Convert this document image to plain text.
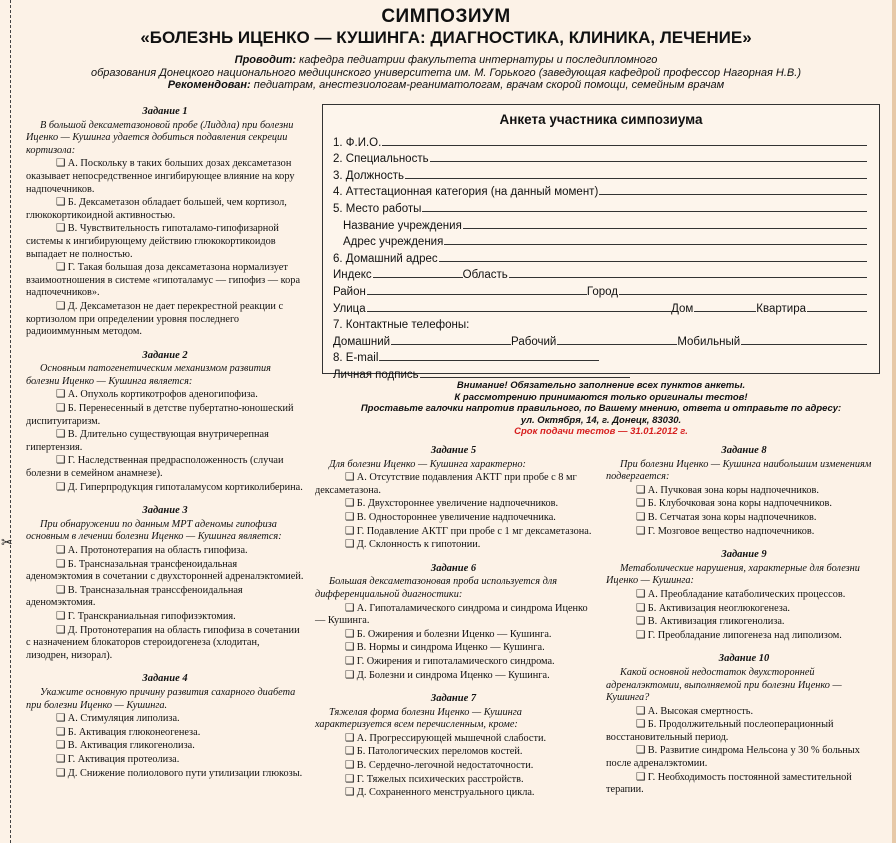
✂
СИМПОЗИУМ
«БОЛЕЗНЬ ИЦЕНКО — КУШИНГА: ДИАГНОСТИКА, КЛИНИКА, ЛЕЧЕНИЕ»
Проводит: кафедра педиатрии факультета интернатуры и последипломного
образования Донецкого национального медицинского университета им. М. Горького (заведующая кафедрой профессор Нагорная Н.В.)
Рекомендован: педиатрам, анестезиологам-реаниматологам, врачам скорой помощи, семейным врачам
Задание 1
В большой дексаметазоновой пробе (Лиддла) при болезни Иценко — Кушинга удается добиться подавления секреции кортизола:
❑ А. Поскольку в таких больших дозах дексаметазон оказывает непосредственное ингибирующее влияние на кору надпочечников.
❑ Б. Дексаметазон обладает большей, чем кортизол, глюкокортикоидной активностью.
❑ В. Чувствительность гипоталамо-гипофизарной системы к ингибирующему действию глюкокортикоидов выпадает не полностью.
❑ Г. Такая большая доза дексаметазона нормализует взаимоотношения в системе «гипоталамус — гипофиз — кора надпочечников».
❑ Д. Дексаметазон не дает перекрестной реакции с кортизолом при определении уровня последнего радиоиммунным методом.
Задание 2
Основным патогенетическим механизмом развития болезни Иценко — Кушинга является:
❑ А. Опухоль кортикотрофов аденогипофиза.
❑ Б. Перенесенный в детстве пубертатно-юношеский диспитуитаризм.
❑ В. Длительно существующая внутричерепная гипертензия.
❑ Г. Наследственная предрасположенность (случаи болезни в семейном анамнезе).
❑ Д. Гиперпродукция гипоталамусом кортиколиберина.
Задание 3
При обнаружении по данным МРТ аденомы гипофиза основным в лечении болезни Иценко — Кушинга является:
❑ А. Протонотерапия на область гипофиза.
❑ Б. Трансназальная трансфеноидальная аденомэктомия в сочетании с двухсторонней адреналэктомией.
❑ В. Трансназальная транссфеноидальная аденомэктомия.
❑ Г. Транскраниальная гипофизэктомия.
❑ Д. Протонотерапия на область гипофиза в сочетании с назначением блокаторов стероидогенеза (хлодитан, лизодрен, низорал).
Задание 4
Укажите основную причину развития сахарного диабета при болезни Иценко — Кушинга.
❑ А. Стимуляция липолиза.
❑ Б. Активация глюконеогенеза.
❑ В. Активация гликогенолиза.
❑ Г. Активация протеолиза.
❑ Д. Снижение полиолового пути утилизации глюкозы.
Анкета участника симпозиума
1. Ф.И.О.
2. Специальность
3. Должность
4. Аттестационная категория (на данный момент)
5. Место работы
Название учреждения
Адрес учреждения
6. Домашний адрес
Индекс	Область
Район	Город
Улица	Дом	Квартира
7. Контактные телефоны:
Домашний	Рабочий	Мобильный
8. E-mail
Личная подпись
Внимание! Обязательно заполнение всех пунктов анкеты.
К рассмотрению принимаются только оригиналы тестов!
Проставьте галочки напротив правильного, по Вашему мнению, ответа и отправьте по адресу:
ул. Октября, 14, г. Донецк, 83030.
Срок подачи тестов — 31.01.2012 г.
Задание 5
Для болезни Иценко — Кушинга характерно:
❑ А. Отсутствие подавления АКТГ при пробе с 8 мг дексаметазона.
❑ Б. Двухстороннее увеличение надпочечников.
❑ В. Одностороннее увеличение надпочечника.
❑ Г. Подавление АКТГ при пробе с 1 мг дексаметазона.
❑ Д. Склонность к гипотонии.
Задание 6
Большая дексаметазоновая проба используется для дифференциальной диагностики:
❑ А. Гипоталамического синдрома и синдрома Иценко — Кушинга.
❑ Б. Ожирения и болезни Иценко — Кушинга.
❑ В. Нормы и синдрома Иценко — Кушинга.
❑ Г. Ожирения и гипоталамического синдрома.
❑ Д. Болезни и синдрома Иценко — Кушинга.
Задание 7
Тяжелая форма болезни Иценко — Кушинга характеризуется всем перечисленным, кроме:
❑ А. Прогрессирующей мышечной слабости.
❑ Б. Патологических переломов костей.
❑ В. Сердечно-легочной недостаточности.
❑ Г. Тяжелых психических расстройств.
❑ Д. Сохраненного менструального цикла.
Задание 8
При болезни Иценко — Кушинга наибольшим изменениям подвергается:
❑ А. Пучковая зона коры надпочечников.
❑ Б. Клубочковая зона коры надпочечников.
❑ В. Сетчатая зона коры надпочечников.
❑ Г. Мозговое вещество надпочечников.
Задание 9
Метаболические нарушения, характерные для болезни Иценко — Кушинга:
❑ А. Преобладание катаболических процессов.
❑ Б. Активизация неоглюкогенеза.
❑ В. Активизация гликогенолиза.
❑ Г. Преобладание липогенеза над липолизом.
Задание 10
Какой основной недостаток двухсторонней адреналэктомии, выполняемой при болезни Иценко — Кушинга?
❑ А. Высокая смертность.
❑ Б. Продолжительный послеоперационный восстановительный период.
❑ В. Развитие синдрома Нельсона у 30 % больных после адреналэктомии.
❑ Г. Необходимость постоянной заместительной терапии.
